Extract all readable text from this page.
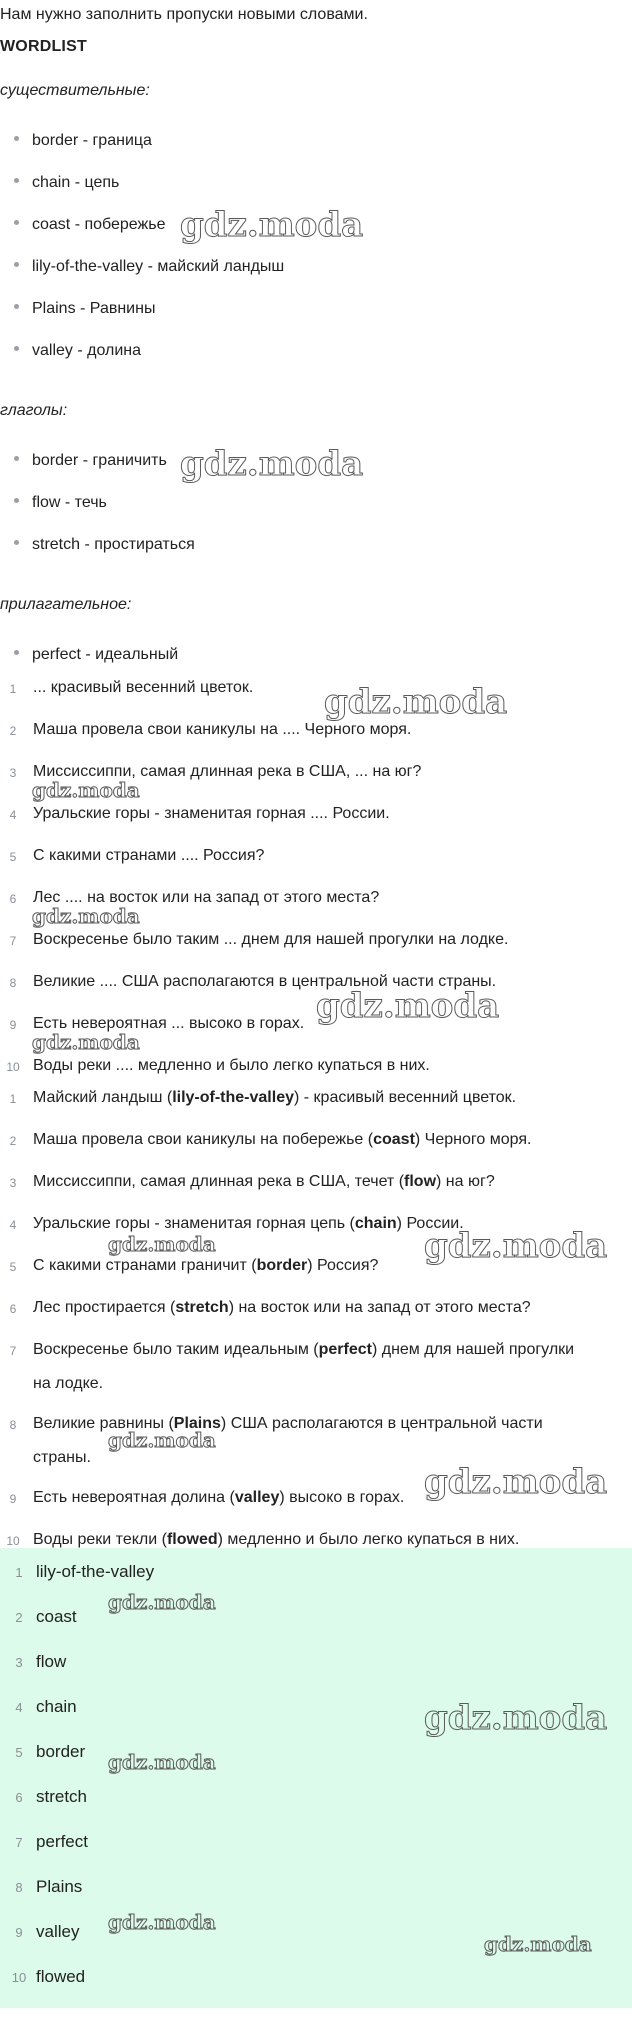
Нам нужно заполнить пропуски новыми словами.
WORDLIST
существительные:
border - граница
chain - цепь
coast - побережье
lily-of-the-valley - майский ландыш
Plains - Равнины
valley - долина
глаголы:
border - граничить
flow - течь
stretch - простираться
прилагательное:
perfect - идеальный
1	... красивый весенний цветок.
2	Маша провела свои каникулы на .... Черного моря.
3	Миссиссиппи, самая длинная река в США, ... на юг?
4	Уральские горы - знаменитая горная .... России.
5	С какими странами .... Россия?
6	Лес .... на восток или на запад от этого места?
7	Воскресенье было таким ... днем для нашей прогулки на лодке.
8	Великие .... США располагаются в центральной части страны.
9	Есть невероятная ... высоко в горах.
10 Воды реки .... медленно и было легко купаться в них.
1	Майский ландыш (lily-of-the-valley) - красивый весенний цветок.
2	Маша провела свои каникулы на побережье (coast) Черного моря.
3	Миссиссиппи, самая длинная река в США, течет (flow) на юг?
4	Уральские горы - знаменитая горная цепь (chain) России.
5	С какими странами граничит (border) Россия?
6	Лес простирается (stretch) на восток или на запад от этого места?
7	Воскресенье было таким идеальным (perfect) днем для нашей прогулки
на лодке.
8	Великие равнины (Plains) США располагаются в центральной части
страны.
9	Есть невероятная долина (valley) высоко в горах.
10 Воды реки текли (flowed) медленно и было легко купаться в них.
1 lily-of-the-valley
2 coast
3 flow
4 chain
5 border
6 stretch
7 perfect
8 Plains
9 valley
10 flowed
gdz.moda
gdz.moda
gdz.moda
gdz.moda
gdz.moda
gdz.moda
gdz.moda
gdz.moda	gdz.moda
gdz.moda
gdz.moda
